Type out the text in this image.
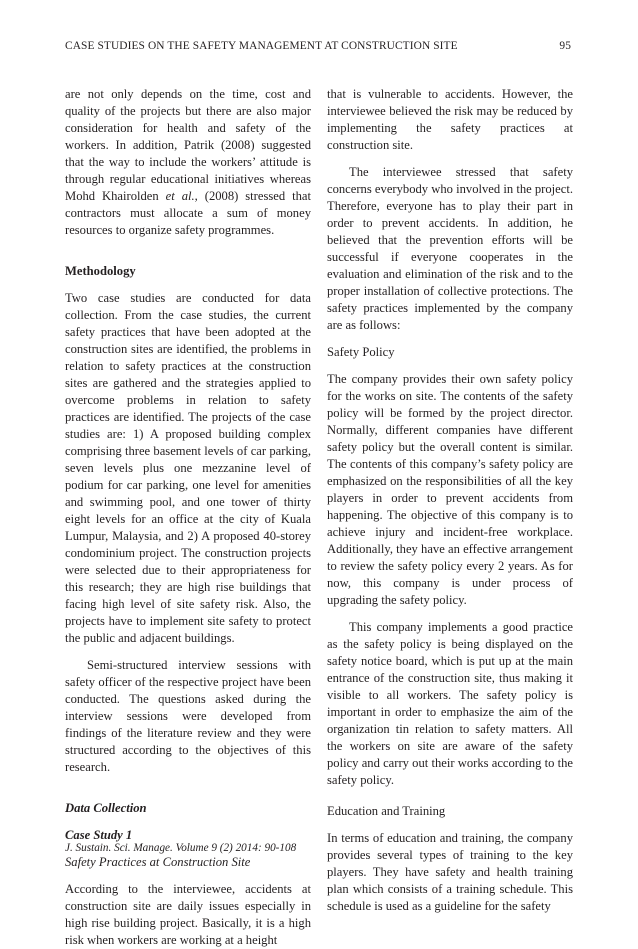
CASE STUDIES ON THE SAFETY MANAGEMENT AT CONSTRUCTION SITE	95

are not only depends on the time, cost and quality of the projects but there are also major consideration for health and safety of the workers. In addition, Patrik (2008) suggested that the way to include the workers’ attitude is through regular educational initiatives whereas Mohd Khairolden et al., (2008) stressed that contractors must allocate a sum of money resources to organize safety programmes.

Methodology

Two case studies are conducted for data collection. From the case studies, the current safety practices that have been adopted at the construction sites are identified, the problems in relation to safety practices at the construction sites are gathered and the strategies applied to overcome problems in relation to safety practices are identified. The projects of the case studies are: 1) A proposed building complex comprising three basement levels of car parking, seven levels plus one mezzanine level of podium for car parking, one level for amenities and swimming pool, and one tower of thirty eight levels for an office at the city of Kuala Lumpur, Malaysia, and 2) A proposed 40-storey condominium project. The construction projects were selected due to their appropriateness for this research; they are high rise buildings that facing high level of site safety risk. Also, the projects have to implement site safety to protect the public and adjacent buildings.

Semi-structured interview sessions with safety officer of the respective project have been conducted. The questions asked during the interview sessions were developed from findings of the literature review and they were structured according to the objectives of this research.

Data Collection

Case Study 1

Safety Practices at Construction Site

According to the interviewee, accidents at construction site are daily issues especially in high rise building project. Basically, it is a high risk when workers are working at a height

that is vulnerable to accidents. However, the interviewee believed the risk may be reduced by implementing the safety practices at construction site.

The interviewee stressed that safety concerns everybody who involved in the project. Therefore, everyone has to play their part in order to prevent accidents. In addition, he believed that the prevention efforts will be successful if everyone cooperates in the evaluation and elimination of the risk and to the proper installation of collective protections. The safety practices implemented by the company are as follows:

Safety Policy

The company provides their own safety policy for the works on site. The contents of the safety policy will be formed by the project director. Normally, different companies have different safety policy but the overall content is similar. The contents of this company’s safety policy are emphasized on the responsibilities of all the key players in order to prevent accidents from happening. The objective of this company is to achieve injury and incident-free workplace. Additionally, they have an effective arrangement to review the safety policy every 2 years. As for now, this company is under process of upgrading the safety policy.

This company implements a good practice as the safety policy is being displayed on the safety notice board, which is put up at the main entrance of the construction site, thus making it visible to all workers. The safety policy is important in order to emphasize the aim of the organization tin relation to safety matters. All the workers on site are aware of the safety policy and carry out their works according to the safety policy.

Education and Training

In terms of education and training, the company provides several types of training to the key players. They have safety and health training plan which consists of a training schedule. This schedule is used as a guideline for the safety

J. Sustain. Sci. Manage. Volume 9 (2) 2014: 90-108
